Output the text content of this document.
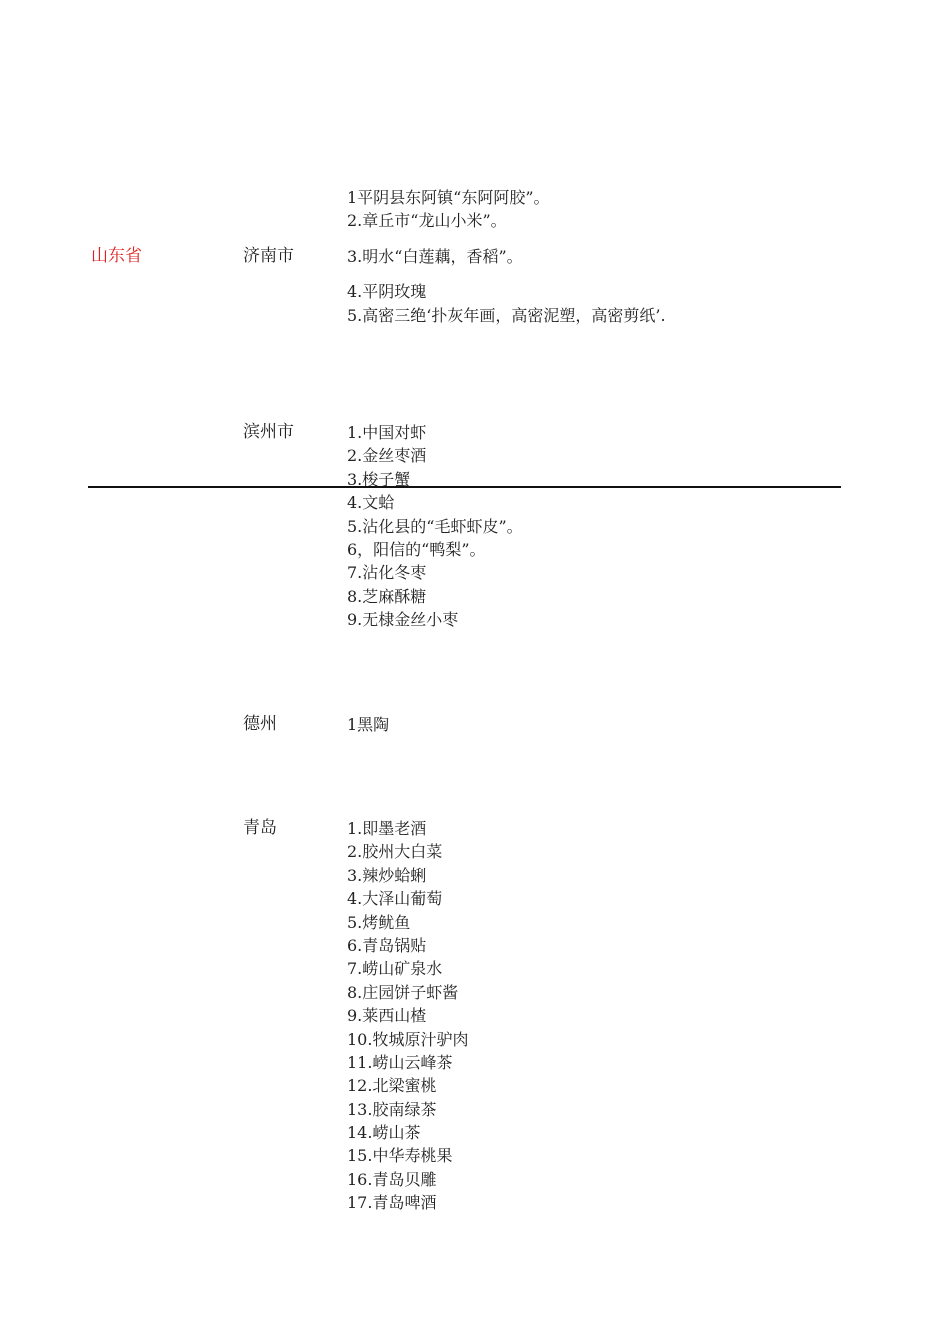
山东省	济南市
1平阴县东阿镇“东阿阿胶”。
2.章丘市“龙山小米”。
3.明水“白莲藕，香稻”。
4.平阴玫瑰
5.高密三绝‘扑灰年画，高密泥塑，高密剪纸’.
滨州市	1.中国对虾
2.金丝枣酒
3.梭子蟹
4.文蛤
5.沾化县的“毛虾虾皮”。
6，阳信的“鸭梨”。
7.沾化冬枣
8.芝麻酥糖
9.无棣金丝小枣
德州	1黑陶
青岛	1.即墨老酒
2.胶州大白菜
3.辣炒蛤蜊
4.大泽山葡萄
5.烤鱿鱼
6.青岛锅贴
7.崂山矿泉水
8.庄园饼子虾酱
9.莱西山楂
10.牧城原汁驴肉
11.崂山云峰茶
12.北梁蜜桃
13.胶南绿茶
14.崂山茶
15.中华寿桃果
16.青岛贝雕
17.青岛啤酒
